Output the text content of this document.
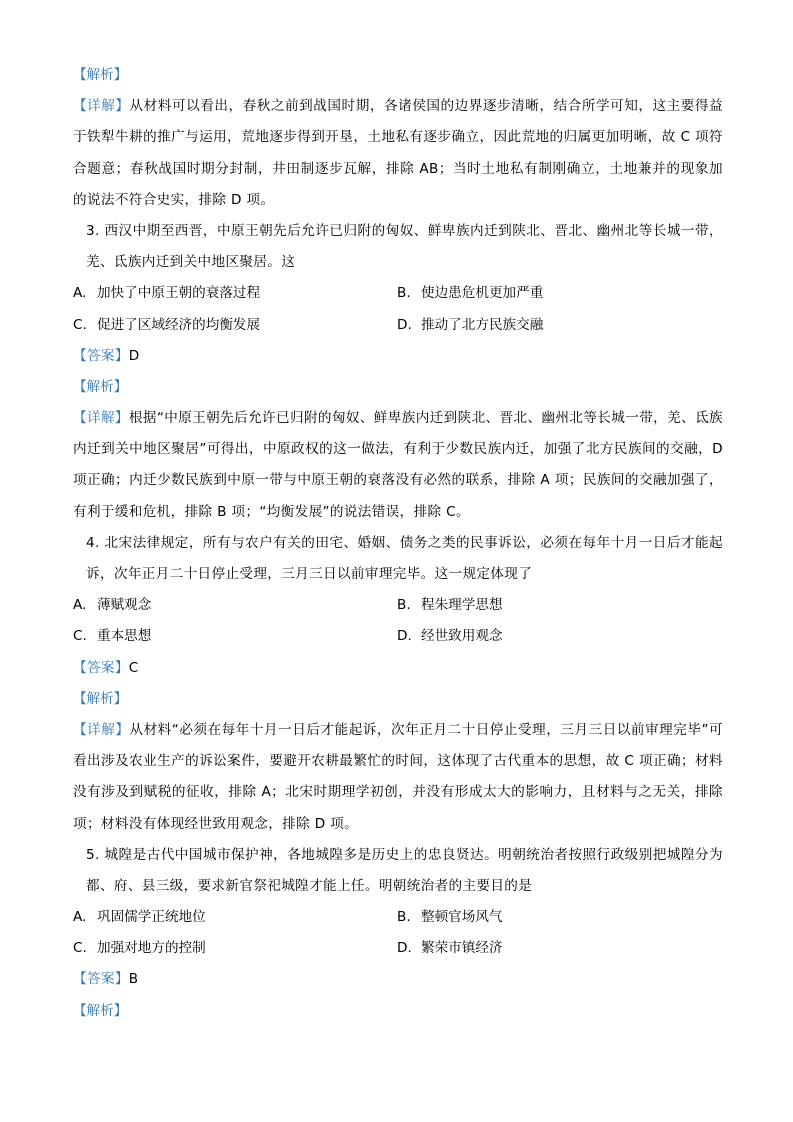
【解析】
【详解】从材料可以看出，春秋之前到战国时期，各诸侯国的边界逐步清晰，结合所学可知，这主要得益
于铁犁牛耕的推广与运用，荒地逐步得到开垦，土地私有逐步确立，因此荒地的归属更加明晰，故 C 项符
合题意；春秋战国时期分封制，井田制逐步瓦解，排除 AB；当时土地私有制刚确立，土地兼并的现象加
的说法不符合史实，排除 D 项。
3. 西汉中期至西晋，中原王朝先后允许已归附的匈奴、鲜卑族内迁到陕北、晋北、幽州北等长城一带，
羌、氐族内迁到关中地区聚居。这
A. 加快了中原王朝的衰落过程	B. 使边患危机更加严重
C. 促进了区域经济的均衡发展	D. 推动了北方民族交融
【答案】D
【解析】
【详解】根据“中原王朝先后允许已归附的匈奴、鲜卑族内迁到陕北、晋北、幽州北等长城一带，羌、氐族
内迁到关中地区聚居”可得出，中原政权的这一做法，有利于少数民族内迁，加强了北方民族间的交融，D
项正确；内迁少数民族到中原一带与中原王朝的衰落没有必然的联系，排除 A 项；民族间的交融加强了，
有利于缓和危机，排除 B 项；“均衡发展”的说法错误，排除 C。
4. 北宋法律规定，所有与农户有关的田宅、婚姻、债务之类的民事诉讼，必须在每年十月一日后才能起
诉，次年正月二十日停止受理，三月三日以前审理完毕。这一规定体现了
A. 薄赋观念	B. 程朱理学思想
C. 重本思想	D. 经世致用观念
【答案】C
【解析】
【详解】从材料“必须在每年十月一日后才能起诉，次年正月二十日停止受理，三月三日以前审理完毕”可
看出涉及农业生产的诉讼案件，要避开农耕最繁忙的时间，这体现了古代重本的思想，故 C 项正确；材料
没有涉及到赋税的征收，排除 A；北宋时期理学初创，并没有形成太大的影响力，且材料与之无关，排除
项；材料没有体现经世致用观念，排除 D 项。
5. 城隍是古代中国城市保护神，各地城隍多是历史上的忠良贤达。明朝统治者按照行政级别把城隍分为
都、府、县三级，要求新官祭祀城隍才能上任。明朝统治者的主要目的是
A. 巩固儒学正统地位	B. 整顿官场风气
C. 加强对地方的控制	D. 繁荣市镇经济
【答案】B
【解析】
